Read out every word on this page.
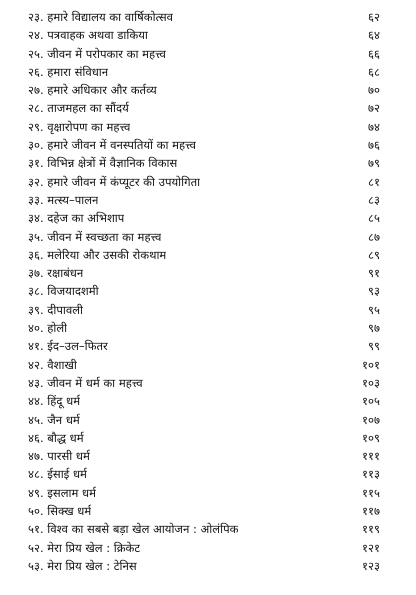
२३. हमारे विद्यालय का वार्षिकोत्सव	६२
२४. पत्रवाहक अथवा डाकिया	६४
२५. जीवन में परोपकार का महत्त्व	६६
२६. हमारा संविधान	६८
२७. हमारे अधिकार और कर्तव्य	७०
२८. ताजमहल का सौंदर्य	७२
२९. वृक्षारोपण का महत्त्व	७४
३०. हमारे जीवन में वनस्पतियों का महत्त्व	७६
३१. विभिन्न क्षेत्रों में वैज्ञानिक विकास	७९
३२. हमारे जीवन में कंप्यूटर की उपयोगिता	८१
३३. मत्स्य–पालन	८३
३४. दहेज का अभिशाप	८५
३५. जीवन में स्वच्छता का महत्त्व	८७
३६. मलेरिया और उसकी रोकथाम	८९
३७. रक्षाबंधन	९१
३८. विजयादशमी	९३
३९. दीपावली	९५
४०. होली	९७
४१. ईद–उल–फितर	९९
४२. वैशाखी	१०१
४३. जीवन में धर्म का महत्त्व	१०३
४४. हिंदू धर्म	१०५
४५. जैन धर्म	१०७
४६. बौद्ध धर्म	१०९
४७. पारसी धर्म	१११
४८. ईसाई धर्म	११३
४९. इसलाम धर्म	११५
५०. सिक्ख धर्म	११७
५१. विश्व का सबसे बड़ा खेल आयोजन : ओलंपिक	११९
५२. मेरा प्रिय खेल : क्रिकेट	१२१
५३. मेरा प्रिय खेल : टेनिस	१२३
